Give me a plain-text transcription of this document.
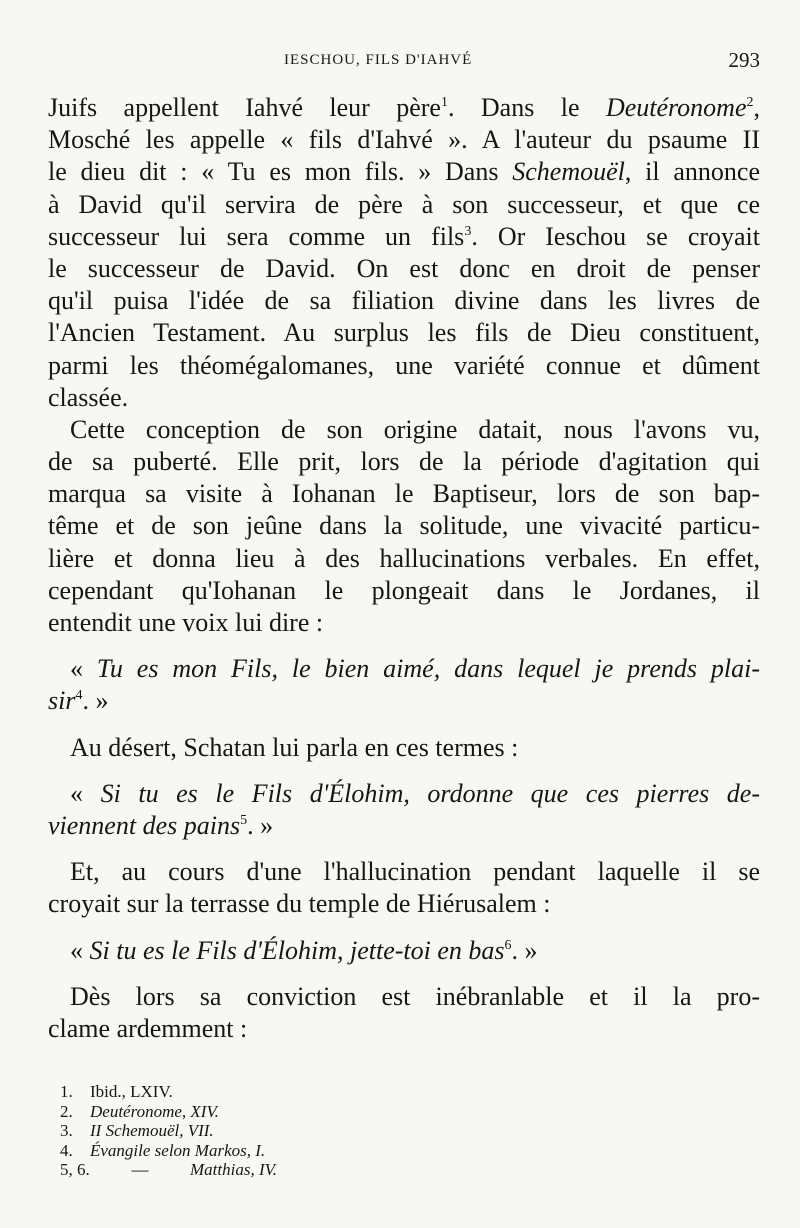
IESCHOU, FILS D'IAHVÉ	293
Juifs appellent Iahvé leur père$^1$. Dans le Deutéronome$^2$,
Mosché les appelle « fils d'Iahvé ». A l'auteur du psaume II
le dieu dit : « Tu es mon fils. » Dans Schemouël, il annonce
à David qu'il servira de père à son successeur, et que ce
successeur lui sera comme un fils$^3$. Or Ieschou se croyait
le successeur de David. On est donc en droit de penser
qu'il puisa l'idée de sa filiation divine dans les livres de
l'Ancien Testament. Au surplus les fils de Dieu constituent,
parmi les théomégalomanes, une variété connue et dûment
classée.
Cette conception de son origine datait, nous l'avons vu,
de sa puberté. Elle prit, lors de la période d'agitation qui
marqua sa visite à Iohanan le Baptiseur, lors de son bap-
tême et de son jeûne dans la solitude, une vivacité particu-
lière et donna lieu à des hallucinations verbales. En effet,
cependant qu'Iohanan le plongeait dans le Jordanes, il
entendit une voix lui dire :
« Tu es mon Fils, le bien aimé, dans lequel je prends plai-
sir$^4$. »
Au désert, Schatan lui parla en ces termes :
« Si tu es le Fils d'Élohim, ordonne que ces pierres de-
viennent des pains$^5$. »
Et, au cours d'une l'hallucination pendant laquelle il se
croyait sur la terrasse du temple de Hiérusalem :
« Si tu es le Fils d'Élohim, jette-toi en bas$^6$. »
Dès lors sa conviction est inébranlable et il la pro-
clame ardemment :
1. Ibid., LXIV.
2. Deutéronome, XIV.
3. II Schemouël, VII.
4. Évangile selon Markos, I.
5, 6. — Matthias, IV.
